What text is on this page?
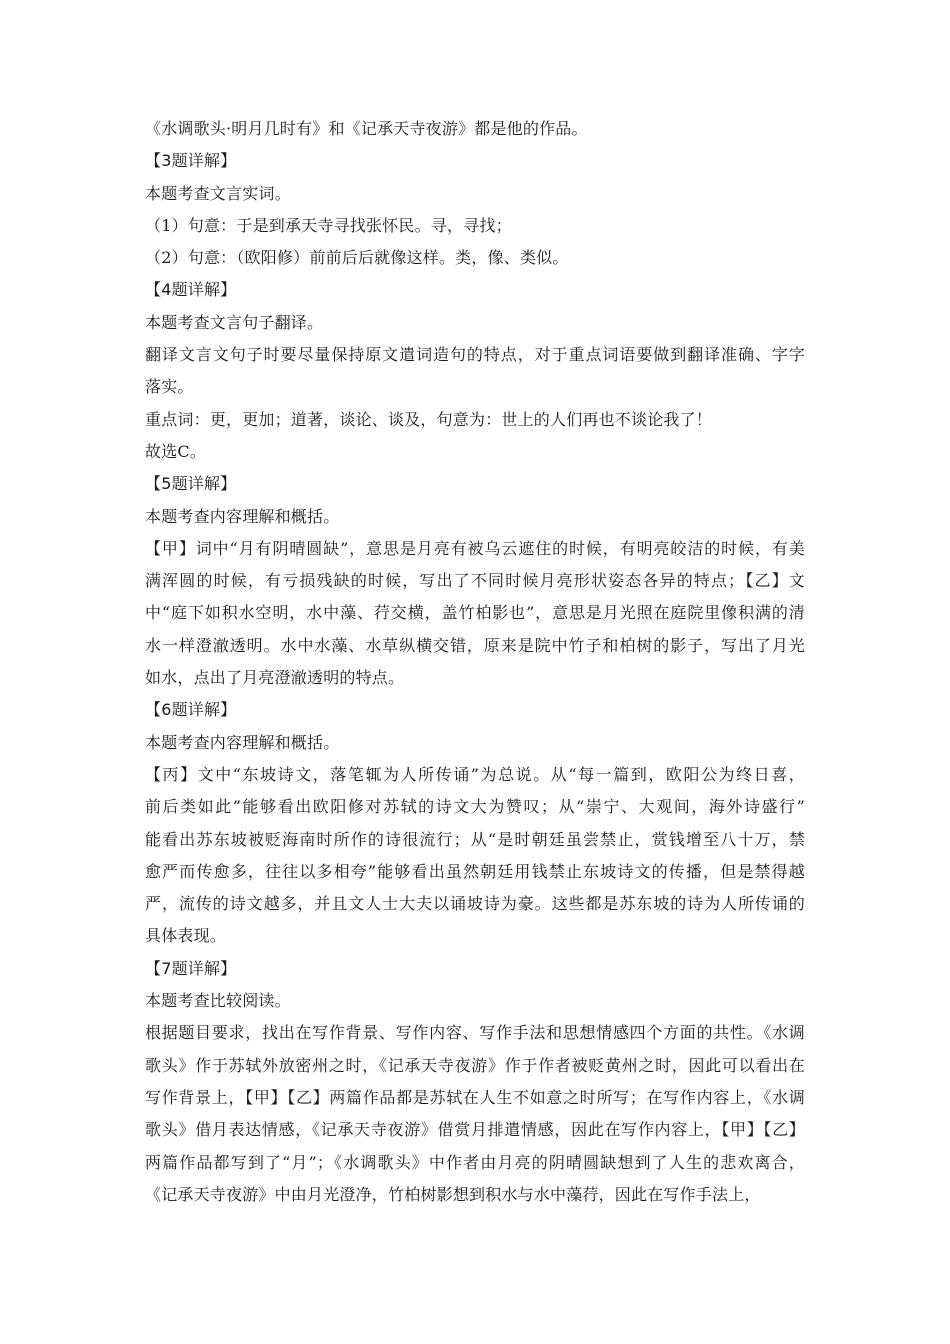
《水调歌头·明月几时有》和《记承天寺夜游》都是他的作品。
【3题详解】
本题考查文言实词。
（1）句意：于是到承天寺寻找张怀民。寻，寻找；
（2）句意：（欧阳修）前前后后就像这样。类，像、类似。
【4题详解】
本题考查文言句子翻译。
翻译文言文句子时要尽量保持原文遣词造句的特点，对于重点词语要做到翻译准确、字字
落实。
重点词：更，更加；道著，谈论、谈及，句意为：世上的人们再也不谈论我了！
故选C。
【5题详解】
本题考查内容理解和概括。
【甲】词中“月有阴晴圆缺”，意思是月亮有被乌云遮住的时候，有明亮皎洁的时候，有美
满浑圆的时候，有亏损残缺的时候，写出了不同时候月亮形状姿态各异的特点；【乙】文
中“庭下如积水空明，水中藻、荇交横，盖竹柏影也”，意思是月光照在庭院里像积满的清
水一样澄澈透明。水中水藻、水草纵横交错，原来是院中竹子和柏树的影子，写出了月光
如水，点出了月亮澄澈透明的特点。
【6题详解】
本题考查内容理解和概括。
【丙】文中“东坡诗文，落笔辄为人所传诵”为总说。从“每一篇到，欧阳公为终日喜，
前后类如此”能够看出欧阳修对苏轼的诗文大为赞叹；从“崇宁、大观间，海外诗盛行”
能看出苏东坡被贬海南时所作的诗很流行；从“是时朝廷虽尝禁止，赏钱增至八十万，禁
愈严而传愈多，往往以多相夸”能够看出虽然朝廷用钱禁止东坡诗文的传播，但是禁得越
严，流传的诗文越多，并且文人士大夫以诵坡诗为豪。这些都是苏东坡的诗为人所传诵的
具体表现。
【7题详解】
本题考查比较阅读。
根据题目要求，找出在写作背景、写作内容、写作手法和思想情感四个方面的共性。《水调
歌头》作于苏轼外放密州之时，《记承天寺夜游》作于作者被贬黄州之时，因此可以看出在
写作背景上，【甲】【乙】两篇作品都是苏轼在人生不如意之时所写；在写作内容上，《水调
歌头》借月表达情感，《记承天寺夜游》借赏月排遣情感，因此在写作内容上，【甲】【乙】
两篇作品都写到了“月”；《水调歌头》中作者由月亮的阴晴圆缺想到了人生的悲欢离合，
《记承天寺夜游》中由月光澄净，竹柏树影想到积水与水中藻荇，因此在写作手法上，
